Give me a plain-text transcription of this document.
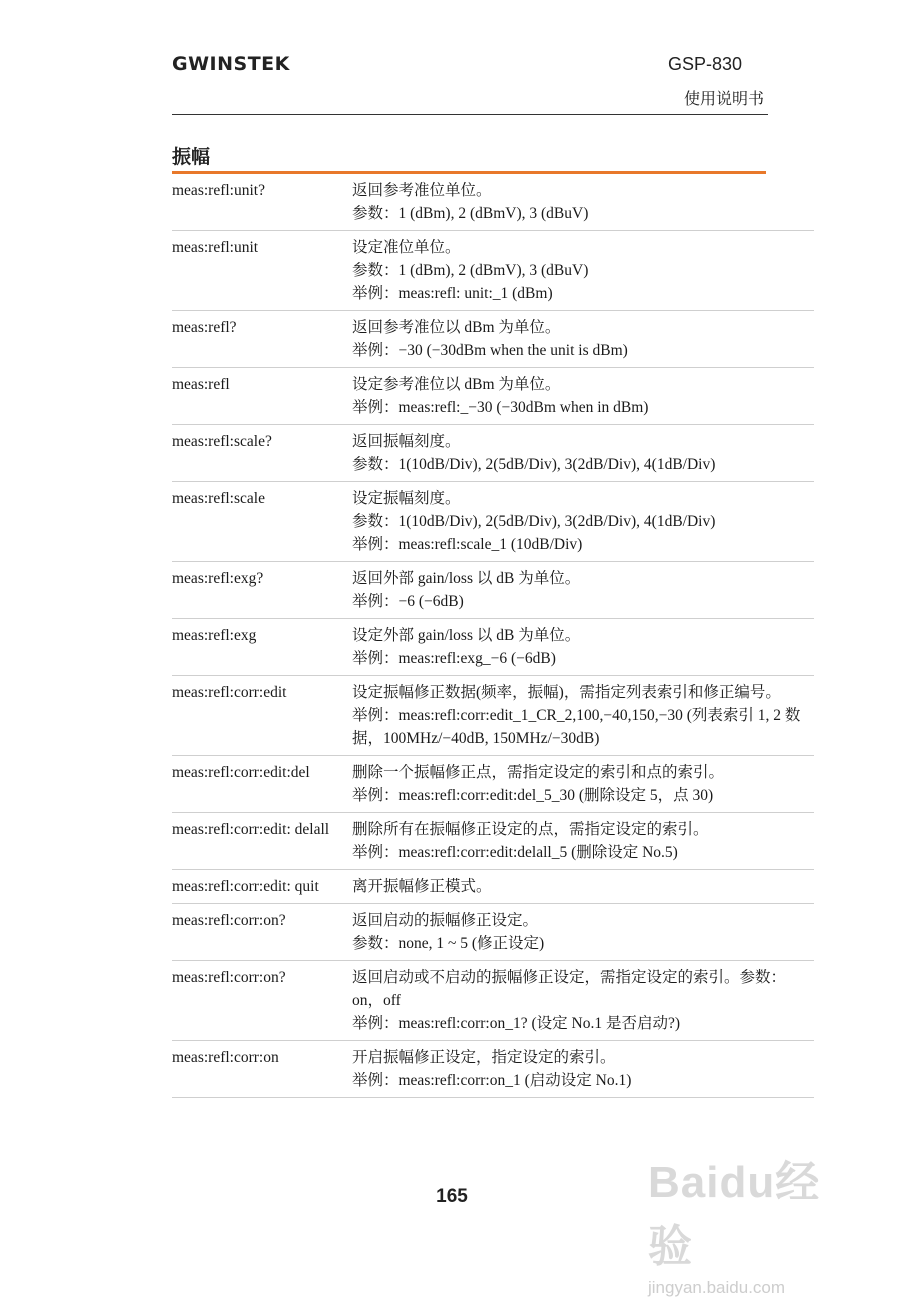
GWINSTEK	GSP-830
使用说明书
振幅
meas:refl:unit?	返回参考准位单位。
参数：1 (dBm), 2 (dBmV), 3 (dBuV)

meas:refl:unit	设定准位单位。
参数：1 (dBm), 2 (dBmV), 3 (dBuV)
举例：meas:refl: unit:_1 (dBm)

meas:refl?	返回参考准位以 dBm 为单位。
举例：−30 (−30dBm when the unit is dBm)

meas:refl	设定参考准位以 dBm 为单位。
举例：meas:refl:_−30 (−30dBm when in dBm)

meas:refl:scale?	返回振幅刻度。
参数：1(10dB/Div), 2(5dB/Div), 3(2dB/Div), 4(1dB/Div)

meas:refl:scale	设定振幅刻度。
参数：1(10dB/Div), 2(5dB/Div), 3(2dB/Div), 4(1dB/Div)
举例：meas:refl:scale_1 (10dB/Div)

meas:refl:exg?	返回外部 gain/loss 以 dB 为单位。
举例：−6 (−6dB)

meas:refl:exg	设定外部 gain/loss 以 dB 为单位。
举例：meas:refl:exg_−6 (−6dB)

meas:refl:corr:edit	设定振幅修正数据(频率，振幅)，需指定列表索引和修正编号。
举例：meas:refl:corr:edit_1_CR_2,100,−40,150,−30 (列表索引 1, 2 数据，100MHz/−40dB, 150MHz/−30dB)

meas:refl:corr:edit:del	删除一个振幅修正点，需指定设定的索引和点的索引。
举例：meas:refl:corr:edit:del_5_30 (删除设定 5，点 30)

meas:refl:corr:edit: delall	删除所有在振幅修正设定的点，需指定设定的索引。
举例：meas:refl:corr:edit:delall_5 (删除设定 No.5)

meas:refl:corr:edit: quit	离开振幅修正模式。

meas:refl:corr:on?	返回启动的振幅修正设定。
参数：none, 1 ~ 5 (修正设定)

meas:refl:corr:on?	返回启动或不启动的振幅修正设定，需指定设定的索引。参数：on，off
举例：meas:refl:corr:on_1? (设定 No.1 是否启动?)

meas:refl:corr:on	开启振幅修正设定，指定设定的索引。
举例：meas:refl:corr:on_1 (启动设定 No.1)
165	Baidu经验
jingyan.baidu.com
